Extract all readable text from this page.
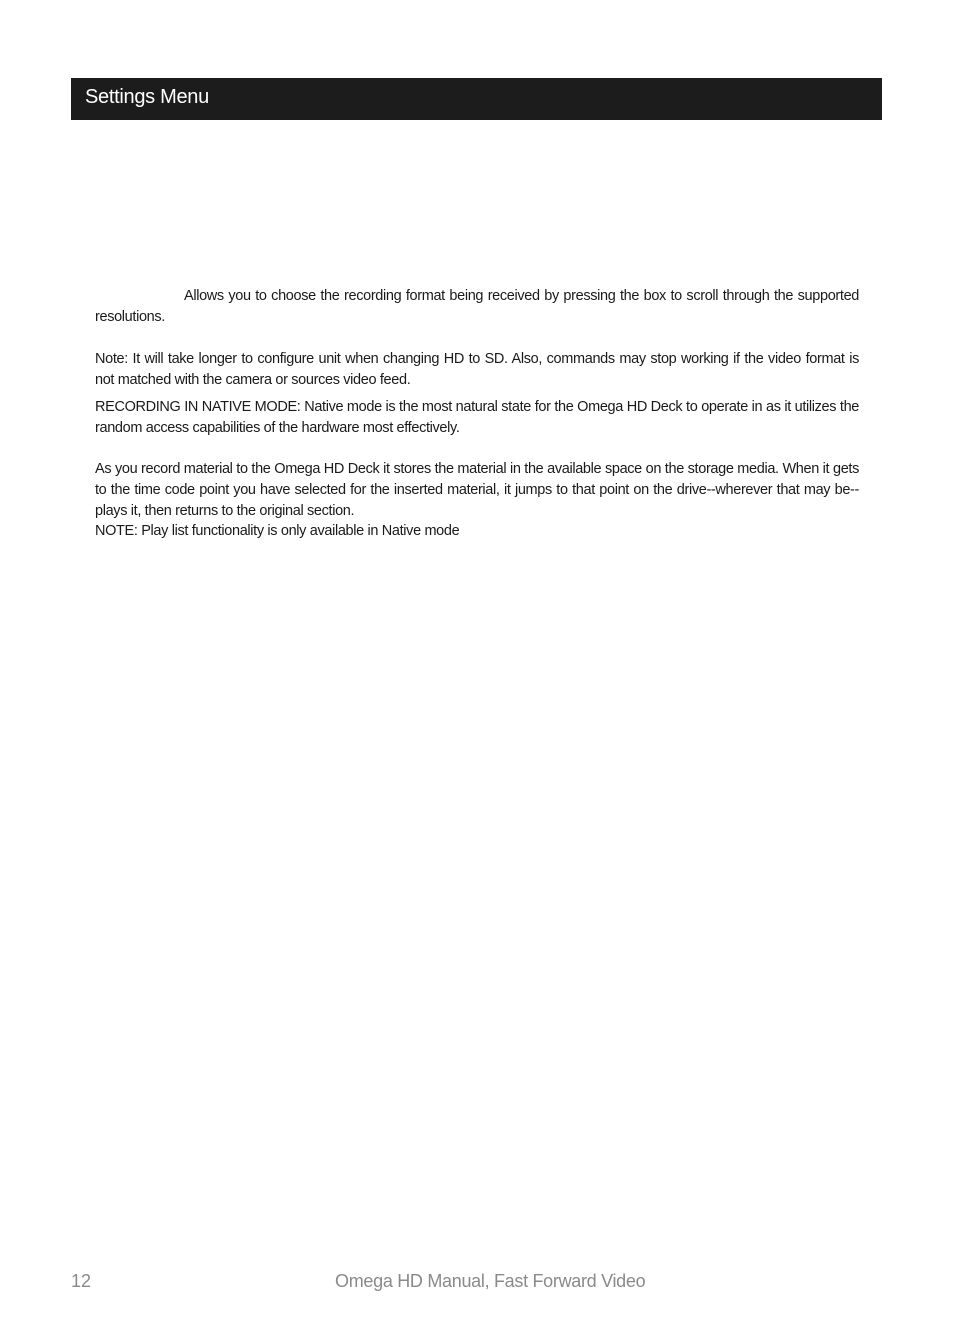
Settings Menu
Allows you to choose the recording format being received by pressing the box to scroll through the supported resolutions.
Note: It will take longer to configure unit when changing HD to SD. Also, commands may stop working if the video format is not matched with the camera or sources video feed.
RECORDING IN NATIVE MODE: Native mode is the most natural state for the Omega HD Deck to operate in as it utilizes the random access capabilities of the hardware most effectively.
As you record material to the Omega HD Deck it stores the material in the available space on the storage media. When it gets to the time code point you have selected for the inserted material, it jumps to that point on the drive--wherever that may be--plays it, then returns to the original section.
NOTE: Play list functionality is only available in Native mode
12	Omega HD Manual, Fast Forward Video
